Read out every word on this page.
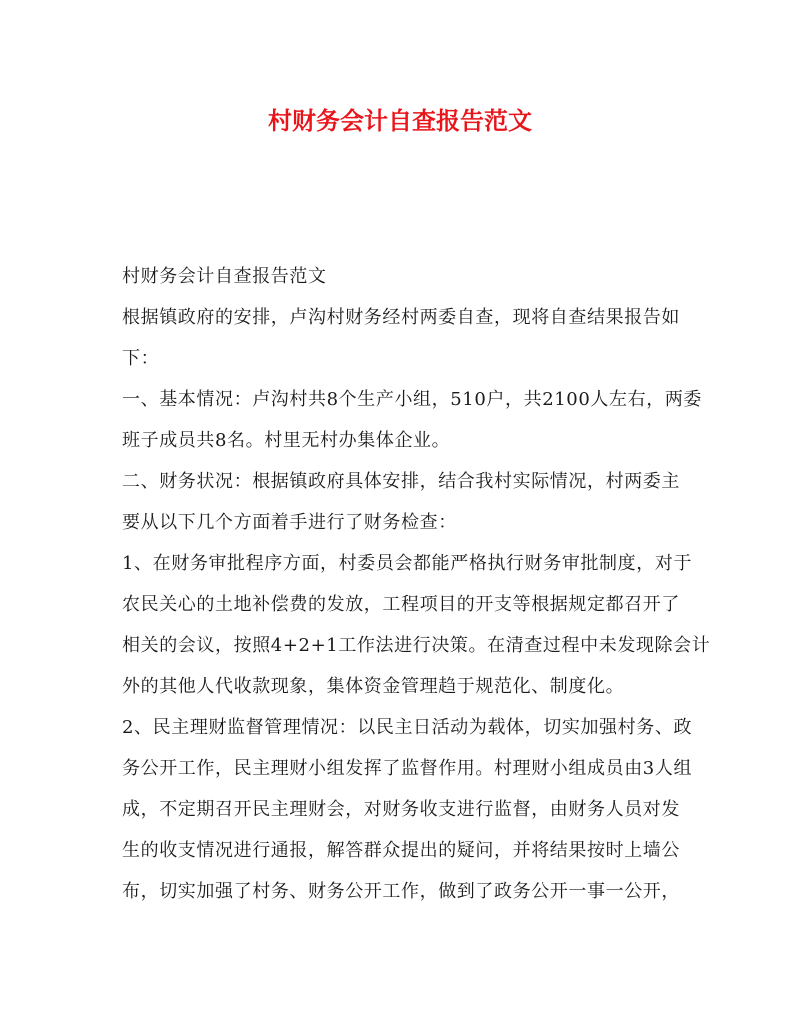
村财务会计自查报告范文
村财务会计自查报告范文
根据镇政府的安排，卢沟村财务经村两委自查，现将自查结果报告如
下：
一、基本情况：卢沟村共8个生产小组，510户，共2100人左右，两委
班子成员共8名。村里无村办集体企业。
二、财务状况：根据镇政府具体安排，结合我村实际情况，村两委主
要从以下几个方面着手进行了财务检查：
1、在财务审批程序方面，村委员会都能严格执行财务审批制度，对于
农民关心的土地补偿费的发放，工程项目的开支等根据规定都召开了
相关的会议，按照4+2+1工作法进行决策。在清查过程中未发现除会计
外的其他人代收款现象，集体资金管理趋于规范化、制度化。
2、民主理财监督管理情况：以民主日活动为载体，切实加强村务、政
务公开工作，民主理财小组发挥了监督作用。村理财小组成员由3人组
成，不定期召开民主理财会，对财务收支进行监督，由财务人员对发
生的收支情况进行通报，解答群众提出的疑问，并将结果按时上墙公
布，切实加强了村务、财务公开工作，做到了政务公开一事一公开，
